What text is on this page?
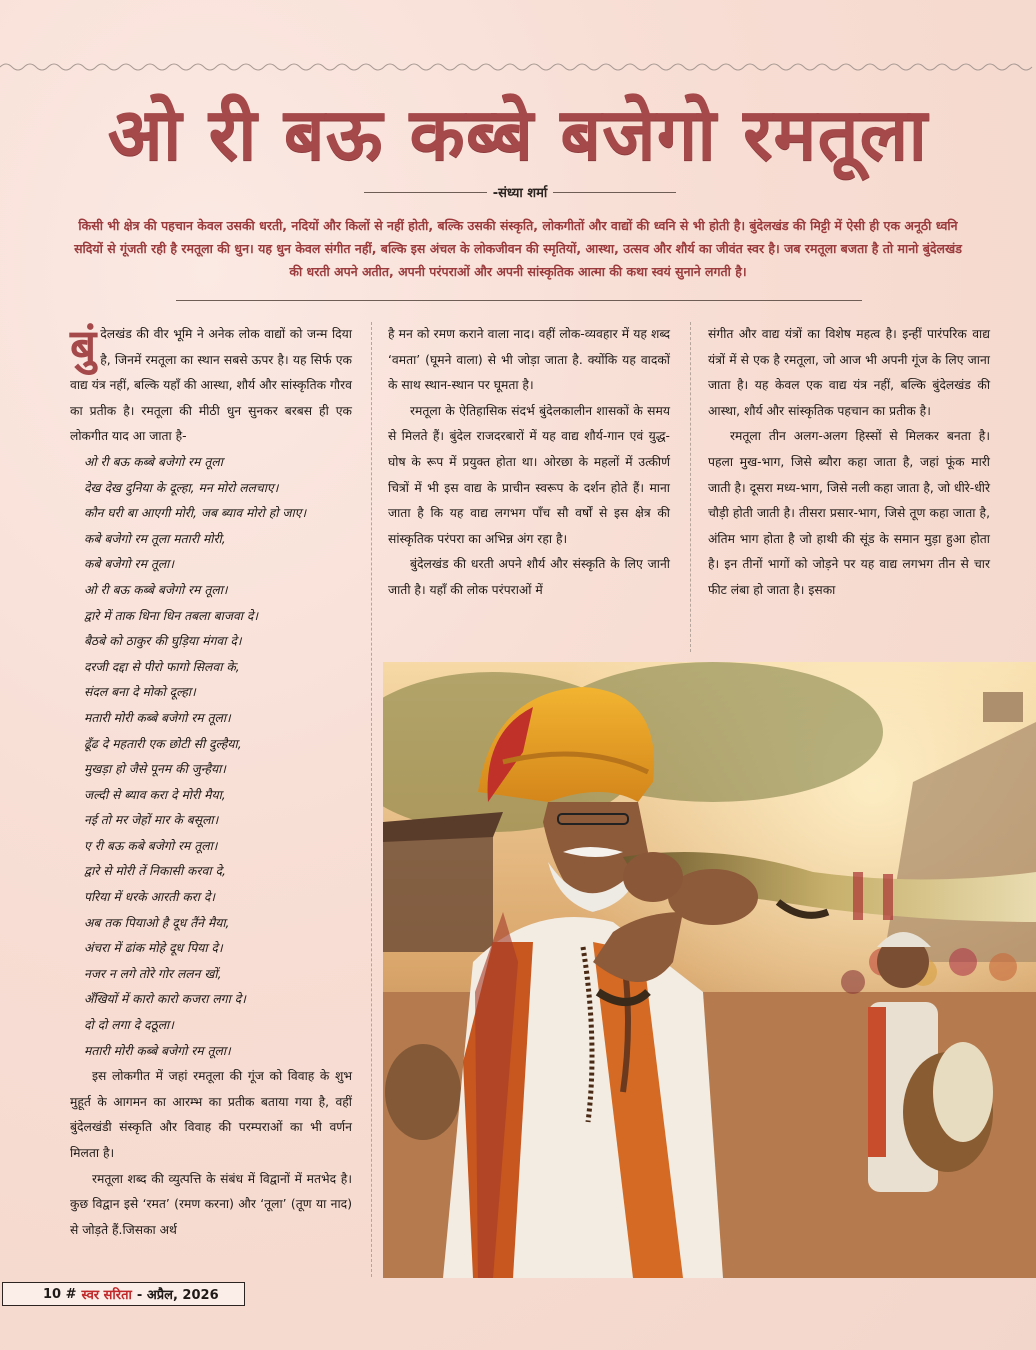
ओ री बऊ कब्बे बजेगो रमतूला
-संध्या शर्मा
किसी भी क्षेत्र की पहचान केवल उसकी धरती, नदियों और किलों से नहीं होती, बल्कि उसकी संस्कृति, लोकगीतों और वाद्यों की ध्वनि से भी होती है। बुंदेलखंड की मिट्टी में ऐसी ही एक अनूठी ध्वनि सदियों से गूंजती रही है रमतूला की धुन। यह धुन केवल संगीत नहीं, बल्कि इस अंचल के लोकजीवन की स्मृतियों, आस्था, उत्सव और शौर्य का जीवंत स्वर है। जब रमतूला बजता है तो मानो बुंदेलखंड की धरती अपने अतीत, अपनी परंपराओं और अपनी सांस्कृतिक आत्मा की कथा स्वयं सुनाने लगती है।

बुंदेलखंड की वीर भूमि ने अनेक लोक वाद्यों को जन्म दिया है, जिनमें रमतूला का स्थान सबसे ऊपर है। यह सिर्फ एक वाद्य यंत्र नहीं, बल्कि यहाँ की आस्था, शौर्य और सांस्कृतिक गौरव का प्रतीक है। रमतूला की मीठी धुन सुनकर बरबस ही एक लोकगीत याद आ जाता है-

ओ री बऊ कब्बे बजेगो रम तूला
देख देख दुनिया के दूल्हा, मन मोरो ललचाए।
कौन घरी बा आएगी मोरी, जब ब्याव मोरो हो जाए।
कबे बजेगो रम तूला मतारी मोरी,
कबे बजेगो रम तूला।
ओ री बऊ कब्बे बजेगो रम तूला।
द्वारे में ताक धिना धिन तबला बाजवा दे।
बैठबे को ठाकुर की घुड़िया मंगवा दे।
दरजी दद्दा से पीरो फागो सिलवा के,
संदल बना दे मोको दूल्हा।
मतारी मोरी कब्बे बजेगो रम तूला।
ढूँढ दे महतारी एक छोटी सी दुल्हैया,
मुखड़ा हो जैसे पूनम की जुन्हैया।
जल्दी से ब्याव करा दे मोरी मैया,
नई तो मर जेहों मार के बसूला।
ए री बऊ कबे बजेगो रम तूला।
द्वारे से मोरी तें निकासी करवा दे,
परिया में धरके आरती करा दे।
अब तक पियाओ है दूध तैंने मैया,
अंचरा में ढांक मोहे दूध पिया दे।
नजर न लगे तोरे गोर ललन खों,
अँखियों में कारो कारो कजरा लगा दे।
दो दो लगा दे दठूला।
मतारी मोरी कब्बे बजेगो रम तूला।

इस लोकगीत में जहां रमतूला की गूंज को विवाह के शुभ मुहूर्त के आगमन का आरम्भ का प्रतीक बताया गया है, वहीं बुंदेलखंडी संस्कृति और विवाह की परम्पराओं का भी वर्णन मिलता है।

रमतूला शब्द की व्युत्पत्ति के संबंध में विद्वानों में मतभेद है। कुछ विद्वान इसे ‘रमत’ (रमण करना) और ‘तूला’ (तूण या नाद) से जोड़ते हैं.जिसका अर्थ

है मन को रमण कराने वाला नाद। वहीं लोक-व्यवहार में यह शब्द ‘वमता’ (घूमने वाला) से भी जोड़ा जाता है. क्योंकि यह वादकों के साथ स्थान-स्थान पर घूमता है।

रमतूला के ऐतिहासिक संदर्भ बुंदेलकालीन शासकों के समय से मिलते हैं। बुंदेल राजदरबारों में यह वाद्य शौर्य-गान एवं युद्ध-घोष के रूप में प्रयुक्त होता था। ओरछा के महलों में उत्कीर्ण चित्रों में भी इस वाद्य के प्राचीन स्वरूप के दर्शन होते हैं। माना जाता है कि यह वाद्य लगभग पाँच सौ वर्षों से इस क्षेत्र की सांस्कृतिक परंपरा का अभिन्न अंग रहा है।

बुंदेलखंड की धरती अपने शौर्य और संस्कृति के लिए जानी जाती है। यहाँ की लोक परंपराओं में

संगीत और वाद्य यंत्रों का विशेष महत्व है। इन्हीं पारंपरिक वाद्य यंत्रों में से एक है रमतूला, जो आज भी अपनी गूंज के लिए जाना जाता है। यह केवल एक वाद्य यंत्र नहीं, बल्कि बुंदेलखंड की आस्था, शौर्य और सांस्कृतिक पहचान का प्रतीक है।

रमतूला तीन अलग-अलग हिस्सों से मिलकर बनता है। पहला मुख-भाग, जिसे ब्यौरा कहा जाता है, जहां फूंक मारी जाती है। दूसरा मध्य-भाग, जिसे नली कहा जाता है, जो धीरे-धीरे चौड़ी होती जाती है। तीसरा प्रसार-भाग, जिसे तूण कहा जाता है, अंतिम भाग होता है जो हाथी की सूंड के समान मुड़ा हुआ होता है। इन तीनों भागों को जोड़ने पर यह वाद्य लगभग तीन से चार फीट लंबा हो जाता है। इसका

10 # स्वर सरिता - अप्रैल, 2026
